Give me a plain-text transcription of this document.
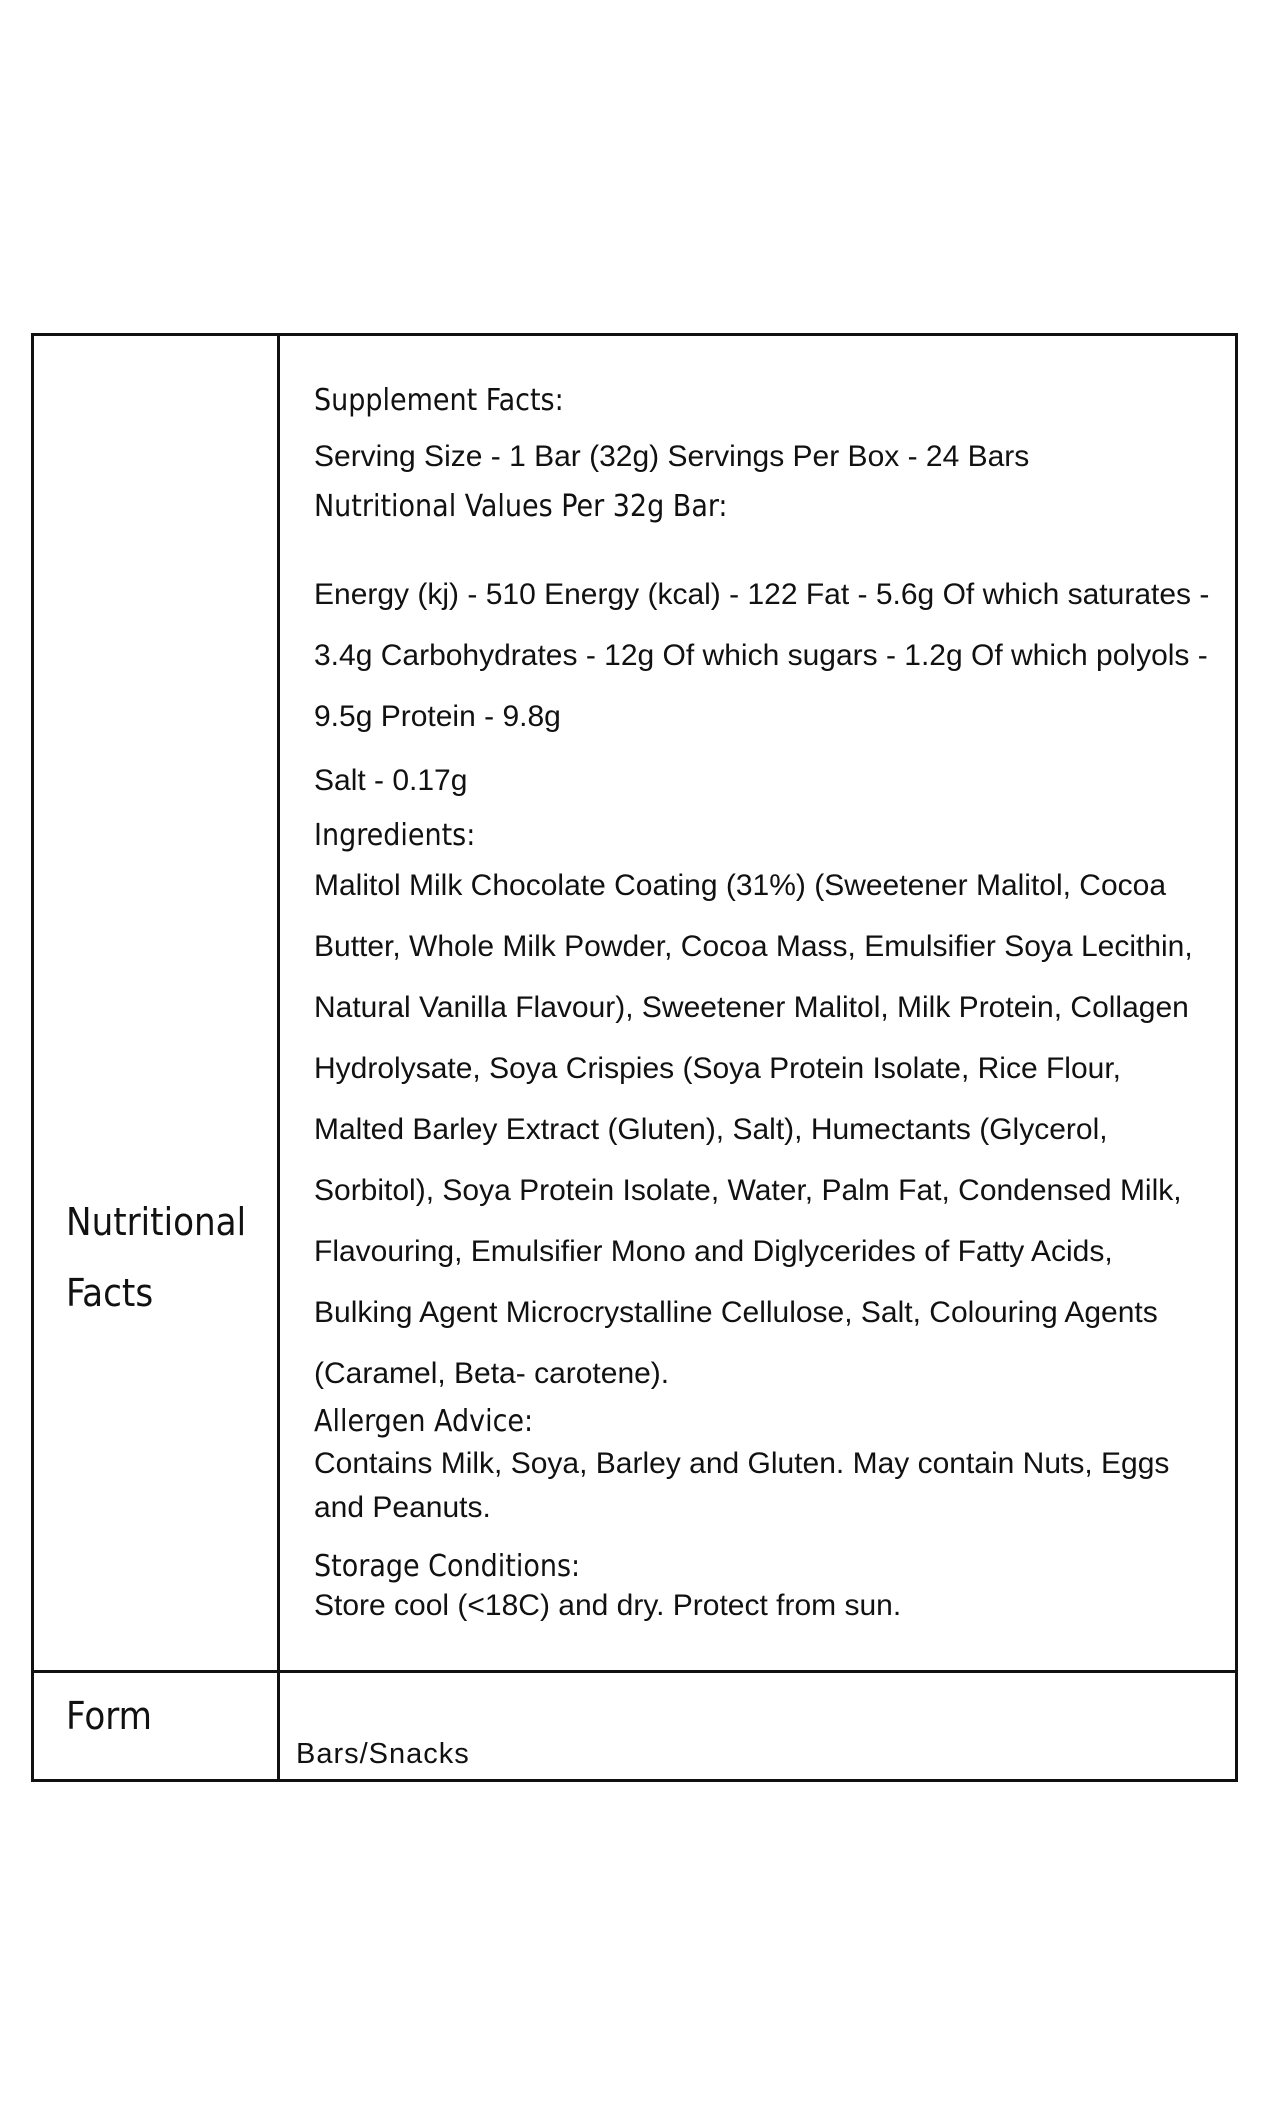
Nutritional Facts
Form
Supplement Facts:
Serving Size - 1 Bar (32g) Servings Per Box - 24 Bars
Nutritional Values Per 32g Bar:
Energy (kj) - 510 Energy (kcal) - 122 Fat - 5.6g Of which saturates - 3.4g Carbohydrates - 12g Of which sugars - 1.2g Of which polyols - 9.5g Protein - 9.8g
Salt - 0.17g
Ingredients:
Malitol Milk Chocolate Coating (31%) (Sweetener Malitol, Cocoa Butter, Whole Milk Powder, Cocoa Mass, Emulsifier Soya Lecithin, Natural Vanilla Flavour), Sweetener Malitol, Milk Protein, Collagen Hydrolysate, Soya Crispies (Soya Protein Isolate, Rice Flour, Malted Barley Extract (Gluten), Salt), Humectants (Glycerol, Sorbitol), Soya Protein Isolate, Water, Palm Fat, Condensed Milk, Flavouring, Emulsifier Mono and Diglycerides of Fatty Acids, Bulking Agent Microcrystalline Cellulose, Salt, Colouring Agents (Caramel, Beta- carotene).
Allergen Advice:
Contains Milk, Soya, Barley and Gluten. May contain Nuts, Eggs and Peanuts.
Storage Conditions:
Store cool (<18C) and dry. Protect from sun.
Bars/Snacks
